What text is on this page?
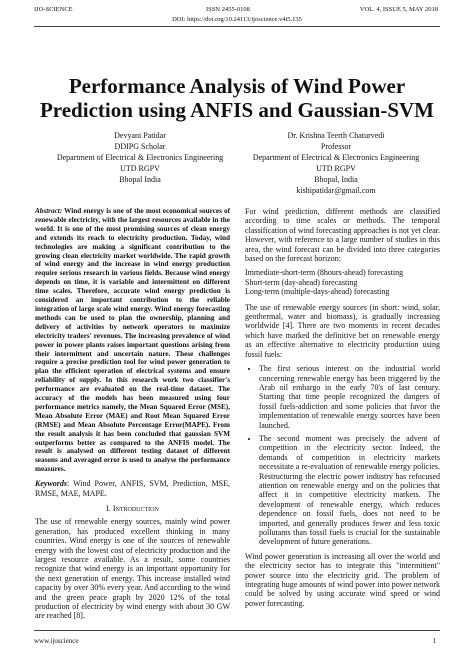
IJO-SCIENCE	ISSN 2455-0108	VOL. 4, ISSUE 5, MAY 2018
DOI: https://doi.org/10.24113/ijoscience.v4i5.135
Performance Analysis of Wind Power Prediction using ANFIS and Gaussian-SVM
Devyani Patidar
DDIPG Scholar
Department of Electrical & Electronics Engineering
UTD RGPV
Bhopal India
Dr. Krishna Teerth Chaturvedi
Professor
Department of Electrical & Electronics Engineering
UTD RGPV
Bhopal, India
kishipatidar@gmail.com

Abstract: Wind energy is one of the most economical sources of renewable electricity, with the largest resources available in the world. It is one of the most promising sources of clean energy and extends its reach to electricity production. Today, wind technologies are making a significant contribution to the growing clean electricity market worldwide. The rapid growth of wind energy and the increase in wind energy production require serious research in various fields. Because wind energy depends on time, it is variable and intermittent on different time scales. Therefore, accurate wind energy prediction is considered an important contribution to the reliable integration of large scale wind energy. Wind energy forecasting methods can be used to plan the ownership, planning and delivery of activities by network operators to maximize electricity traders' revenues. The increasing prevalence of wind power in power plants raises important questions arising from their intermittent and uncertain nature. These challenges require a precise prediction tool for wind power generation to plan the efficient operation of electrical systems and ensure reliability of supply. In this research work two classifier's performance are evaluated on the real-time dataset. The accuracy of the models has been measured using four performance metrics namely, the Mean Squared Error (MSE), Mean Absolute Error (MAE) and Root Mean Squared Error (RMSE) and Mean Absolute Percentage Error(MAPE). From the result analysis it has been concluded that gaussian SVM outperforms better as compared to the ANFIS model. The result is analysed on different testing dataset of different seasons and averaged error is used to analyse the performance measures.

Keywords: Wind Power, ANFIS, SVM, Prediction, MSE, RMSE, MAE, MAPE.

I. Introduction

The use of renewable energy sources, mainly wind power generation, has produced excellent thinking in many countries. Wind energy is one of the sources of renewable energy with the lowest cost of electricity production and the largest resource available. As a result, some countries recognize that wind energy is an important opportunity for the next generation of energy. This increase installed wind capacity by over 30% every year. And according to the wind and the green peace graph by 2020 12% of the total production of electricity by wind energy with about 30 GW are reached [8].

For wind prediction, different methods are classified according to time scales or methods. The temporal classification of wind forecasting approaches is not yet clear. However, with reference to a large number of studies in this area, the wind forecast can be divided into three categories based on the forecast horizon:

Immediate-short-term (8hours-ahead) forecasting
Short-term (day-ahead) forecasting
Long-term (multiple-days-ahead) forecasting

The use of renewable energy sources (in short: wind, solar, geothermal, water and biomass), is gradually increasing worldwide [4]. There are two moments in recent decades which have marked the definitive bet on renewable energy as an effective alternative to electricity production using fossil fuels:

• The first serious interest on the industrial world concerning renewable energy has been triggered by the Arab oil embargo in the early 70's of last century. Starting that time people recognized the dangers of fossil fuels-addiction and some policies that favor the implementation of renewable energy sources have been launched.
• The second moment was precisely the advent of competition in the electricity sector. Indeed, the demands of competition in electricity markets necessitate a re-evaluation of renewable energy policies. Restructuring the electric power industry has refocused attention on renewable energy and on the policies that affect it in competitive electricity markets. The development of renewable energy, which reduces dependence on fossil fuels, does not need to be imported, and generally produces fewer and less toxic pollutants than fossil fuels is crucial for the sustainable development of future generations.

Wind power generation is increasing all over the world and the electricity sector has to integrate this "intermittent" power source into the electricity grid. The problem of integrating huge amounts of wind power into power network could be solved by using accurate wind speed or wind power forecasting.

www.ijoscience	1
